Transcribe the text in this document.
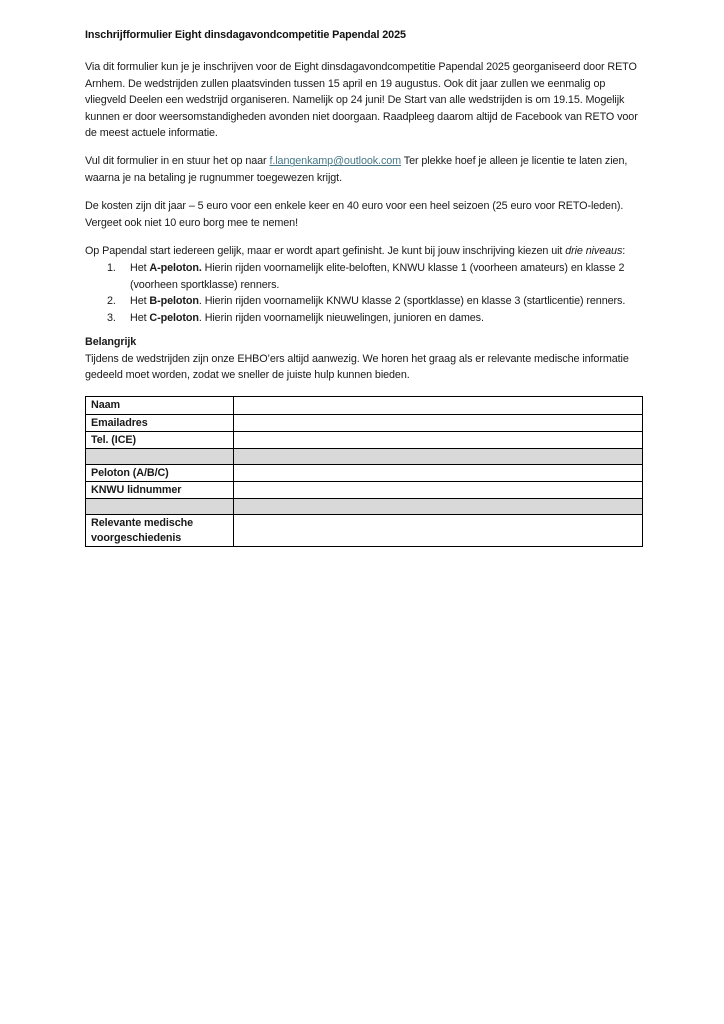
Inschrijfformulier Eight dinsdagavondcompetitie Papendal 2025

Via dit formulier kun je je inschrijven voor de Eight dinsdagavondcompetitie Papendal 2025 georganiseerd door RETO Arnhem. De wedstrijden zullen plaatsvinden tussen 15 april en 19 augustus. Ook dit jaar zullen we eenmalig op vliegveld Deelen een wedstrijd organiseren. Namelijk op 24 juni! De Start van alle wedstrijden is om 19.15. Mogelijk kunnen er door weersomstandigheden avonden niet doorgaan. Raadpleeg daarom altijd de Facebook van RETO voor de meest actuele informatie.

Vul dit formulier in en stuur het op naar f.langenkamp@outlook.com Ter plekke hoef je alleen je licentie te laten zien, waarna je na betaling je rugnummer toegewezen krijgt.

De kosten zijn dit jaar – 5 euro voor een enkele keer en 40 euro voor een heel seizoen (25 euro voor RETO-leden). Vergeet ook niet 10 euro borg mee te nemen!

Op Papendal start iedereen gelijk, maar er wordt apart gefinisht. Je kunt bij jouw inschrijving kiezen uit drie niveaus:

1.	Het A-peloton. Hierin rijden voornamelijk elite-beloften, KNWU klasse 1 (voorheen amateurs) en klasse 2 (voorheen sportklasse) renners.
2.	Het B-peloton. Hierin rijden voornamelijk KNWU klasse 2 (sportklasse) en klasse 3 (startlicentie) renners.
3.	Het C-peloton. Hierin rijden voornamelijk nieuwelingen, junioren en dames.
Belangrijk

Tijdens de wedstrijden zijn onze EHBO’ers altijd aanwezig. We horen het graag als er relevante medische informatie gedeeld moet worden, zodat we sneller de juiste hulp kunnen bieden.

Naam	
Emailadres	
Tel. (ICE)	

Peloton (A/B/C)	
KNWU lidnummer	

Relevante medische voorgeschiedenis	
